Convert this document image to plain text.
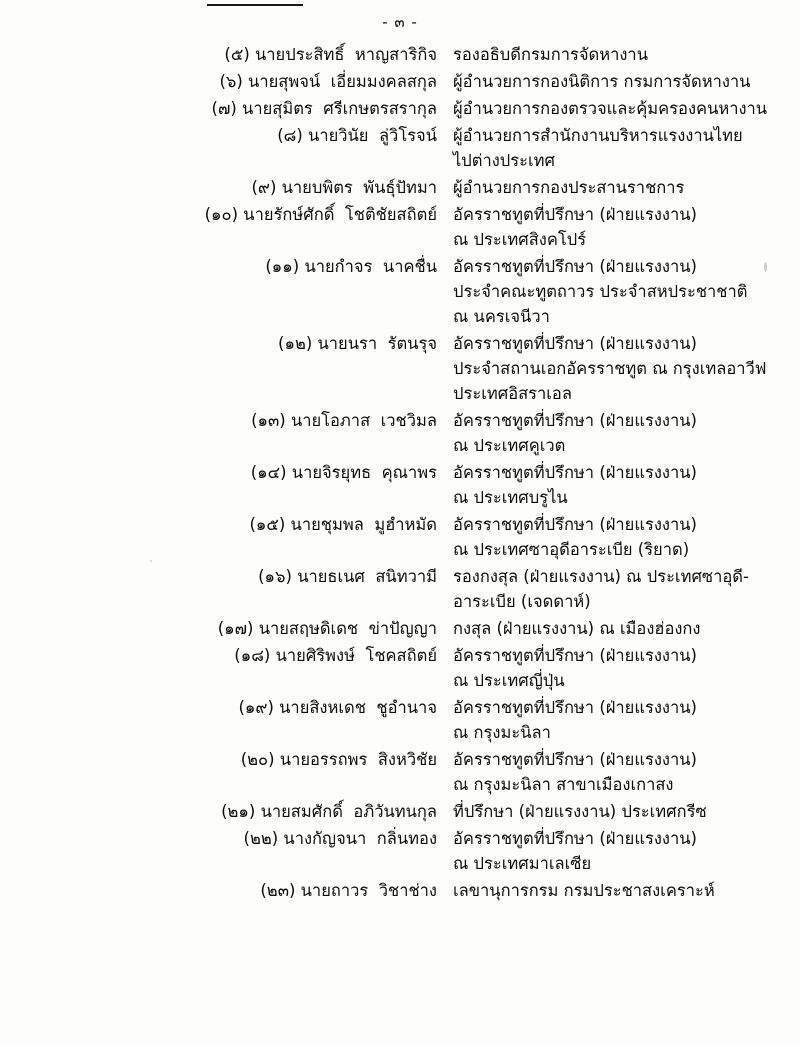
- ๓ -
(๕) นายประสิทธิ์  หาญสาริกิจ รองอธิบดีกรมการจัดหางาน
(๖) นายสุพจน์  เอี่ยมมงคลสกุล ผู้อำนวยการกองนิติการ กรมการจัดหางาน
(๗) นายสุมิตร  ศรีเกษตรสรากุล ผู้อำนวยการกองตรวจและคุ้มครองคนหางาน
(๘) นายวินัย  ลู่วิโรจน์ ผู้อำนวยการสำนักงานบริหารแรงงานไทย
ไปต่างประเทศ
(๙) นายบพิตร  พันธุ์ปัทมา ผู้อำนวยการกองประสานราชการ
(๑๐) นายรักษ์ศักดิ์  โชติชัยสถิตย์ อัครราชทูตที่ปรึกษา (ฝ่ายแรงงาน)
ณ ประเทศสิงคโปร์
(๑๑) นายกำจร  นาคชื่น อัครราชทูตที่ปรึกษา (ฝ่ายแรงงาน)
ประจำคณะทูตถาวร ประจำสหประชาชาติ
ณ นครเจนีวา
(๑๒) นายนรา  รัตนรุจ อัครราชทูตที่ปรึกษา (ฝ่ายแรงงาน)
ประจำสถานเอกอัครราชทูต ณ กรุงเทลอาวีฟ
ประเทศอิสราเอล
(๑๓) นายโอภาส  เวชวิมล อัครราชทูตที่ปรึกษา (ฝ่ายแรงงาน)
ณ ประเทศคูเวต
(๑๔) นายจิรยุทธ  คุณาพร อัครราชทูตที่ปรึกษา (ฝ่ายแรงงาน)
ณ ประเทศบรูไน
(๑๕) นายชุมพล  มูฮำหมัด อัครราชทูตที่ปรึกษา (ฝ่ายแรงงาน)
ณ ประเทศซาอุดีอาระเบีย (ริยาด)
(๑๖) นายธเนศ  สนิทวามี รองกงสุล (ฝ่ายแรงงาน) ณ ประเทศซาอุดี-
อาระเบีย (เจดดาห์)
(๑๗) นายสฤษดิเดช  ข่าปัญญา กงสุล (ฝ่ายแรงงาน) ณ เมืองฮ่องกง
(๑๘) นายศิริพงษ์  โชคสถิตย์ อัครราชทูตที่ปรึกษา (ฝ่ายแรงงาน)
ณ ประเทศญี่ปุ่น
(๑๙) นายสิงหเดช  ชูอำนาจ อัครราชทูตที่ปรึกษา (ฝ่ายแรงงาน)
ณ กรุงมะนิลา
(๒๐) นายอรรถพร  สิงหวิชัย อัครราชทูตที่ปรึกษา (ฝ่ายแรงงาน)
ณ กรุงมะนิลา สาขาเมืองเกาสง
(๒๑) นายสมศักดิ์  อภิวันทนกุล ที่ปรึกษา (ฝ่ายแรงงาน) ประเทศกรีซ
(๒๒) นางกัญจนา  กลิ่นทอง อัครราชทูตที่ปรึกษา (ฝ่ายแรงงาน)
ณ ประเทศมาเลเซีย
(๒๓) นายถาวร  วิชาช่าง เลขานุการกรม กรมประชาสงเคราะห์
